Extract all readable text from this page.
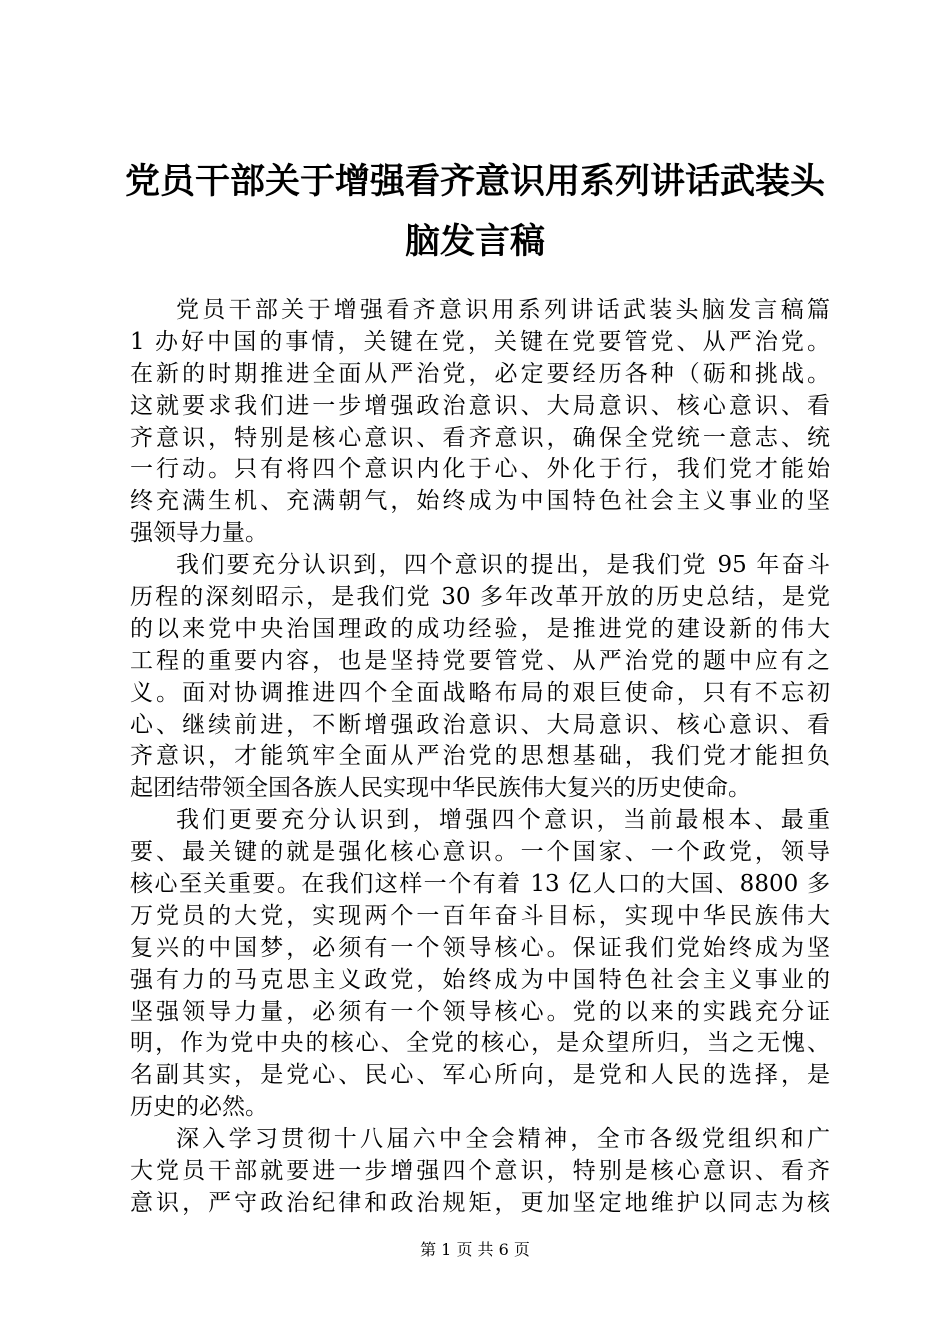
党员干部关于增强看齐意识用系列讲话武装头
脑发言稿
党员干部关于增强看齐意识用系列讲话武装头脑发言稿篇
1 办好中国的事情，关键在党，关键在党要管党、从严治党。
在新的时期推进全面从严治党，必定要经历各种（砺和挑战。
这就要求我们进一步增强政治意识、大局意识、核心意识、看
齐意识，特别是核心意识、看齐意识，确保全党统一意志、统
一行动。只有将四个意识内化于心、外化于行，我们党才能始
终充满生机、充满朝气，始终成为中国特色社会主义事业的坚
强领导力量。
我们要充分认识到，四个意识的提出，是我们党 95 年奋斗
历程的深刻昭示，是我们党 30 多年改革开放的历史总结，是党
的以来党中央治国理政的成功经验，是推进党的建设新的伟大
工程的重要内容，也是坚持党要管党、从严治党的题中应有之
义。面对协调推进四个全面战略布局的艰巨使命，只有不忘初
心、继续前进，不断增强政治意识、大局意识、核心意识、看
齐意识，才能筑牢全面从严治党的思想基础，我们党才能担负
起团结带领全国各族人民实现中华民族伟大复兴的历史使命。
我们更要充分认识到，增强四个意识，当前最根本、最重
要、最关键的就是强化核心意识。一个国家、一个政党，领导
核心至关重要。在我们这样一个有着 13 亿人口的大国、8800 多
万党员的大党，实现两个一百年奋斗目标，实现中华民族伟大
复兴的中国梦，必须有一个领导核心。保证我们党始终成为坚
强有力的马克思主义政党，始终成为中国特色社会主义事业的
坚强领导力量，必须有一个领导核心。党的以来的实践充分证
明，作为党中央的核心、全党的核心，是众望所归，当之无愧、
名副其实，是党心、民心、军心所向，是党和人民的选择，是
历史的必然。
深入学习贯彻十八届六中全会精神，全市各级党组织和广
大党员干部就要进一步增强四个意识，特别是核心意识、看齐
意识，严守政治纪律和政治规矩，更加坚定地维护以同志为核
第 1 页 共 6 页
